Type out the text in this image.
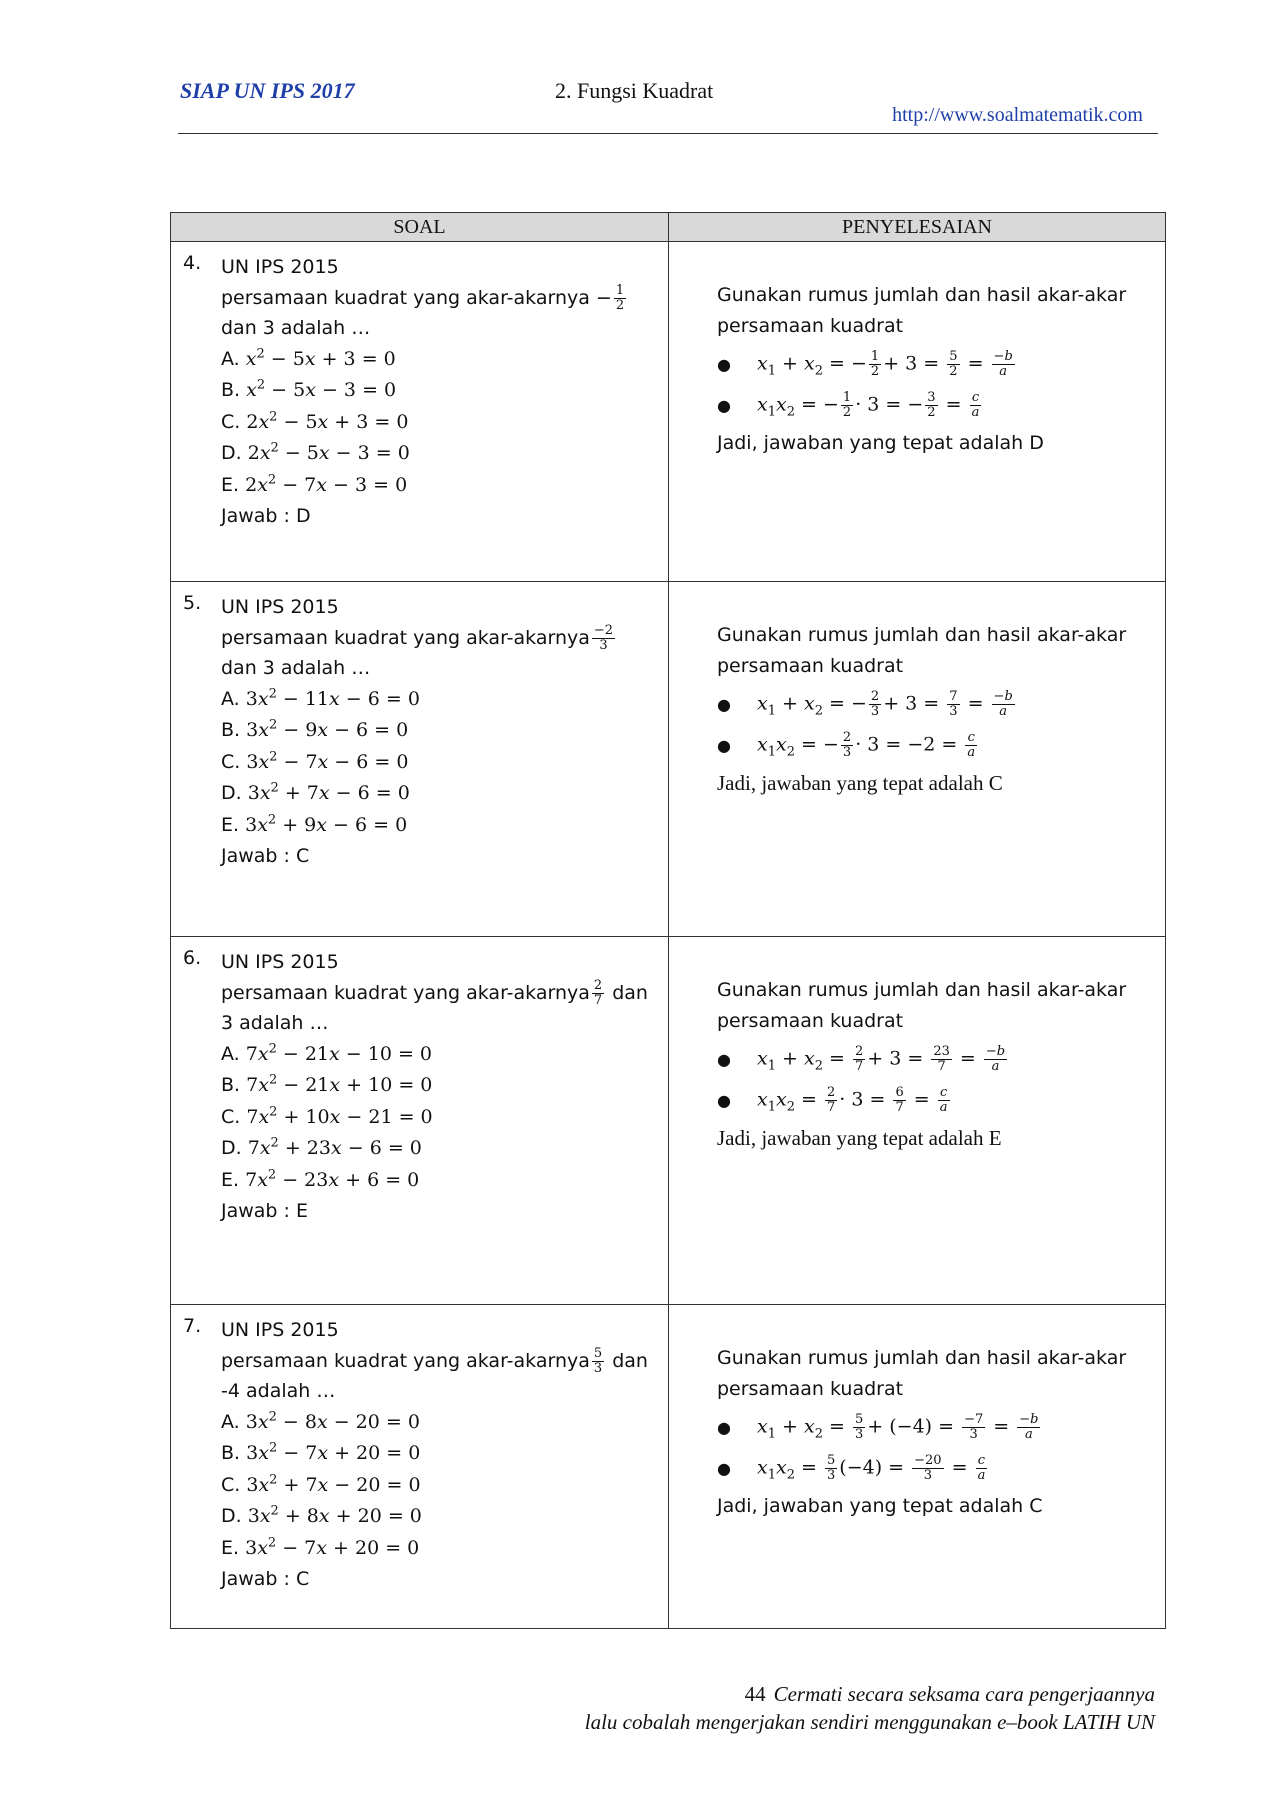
SIAP UN IPS 2017	2. Fungsi Kuadrat
http://www.soalmatematik.com
SOAL	PENYELESAIAN
4. UN IPS 2015
persamaan kuadrat yang akar-akarnya − $\frac{1}{2}$
dan 3 adalah …
A. $x^2 - 5x + 3 = 0$
B. $x^2 - 5x - 3 = 0$
C. $2x^2 - 5x + 3 = 0$
D. $2x^2 - 5x - 3 = 0$
E. $2x^2 - 7x - 3 = 0$
Jawab : D
Gunakan rumus jumlah dan hasil akar-akar
persamaan kuadrat
●	$x_1 + x_2$ = − $\frac{1}{2} + 3 = \frac{5}{2} = \frac{-b}{a}$
●	$x_1x_2$ = − $\frac{1}{2} \cdot 3$ = − $\frac{3}{2} = \frac{c}{a}$
Jadi, jawaban yang tepat adalah D
5. UN IPS 2015
persamaan kuadrat yang akar-akarnya $\frac{-2}{3}$
dan 3 adalah …
A. $3x^2 - 11x - 6 = 0$
B. $3x^2 - 9x - 6 = 0$
C. $3x^2 - 7x - 6 = 0$
D. $3x^2 + 7x - 6 = 0$
E. $3x^2 + 9x - 6 = 0$
Jawab : C
Gunakan rumus jumlah dan hasil akar-akar
persamaan kuadrat
●	$x_1 + x_2$ = − $\frac{2}{3} + 3 = \frac{7}{3} = \frac{-b}{a}$
●	$x_1x_2$ = − $\frac{2}{3} \cdot 3 = -2 = \frac{c}{a}$
Jadi, jawaban yang tepat adalah C
6. UN IPS 2015
persamaan kuadrat yang akar-akarnya $\frac{2}{7}$ dan
3 adalah …
A. $7x^2 - 21x - 10 = 0$
B. $7x^2 - 21x + 10 = 0$
C. $7x^2 + 10x - 21 = 0$
D. $7x^2 + 23x - 6 = 0$
E. $7x^2 - 23x + 6 = 0$
Jawab : E
Gunakan rumus jumlah dan hasil akar-akar
persamaan kuadrat
●	$x_1 + x_2 = \frac{2}{7} + 3 = \frac{23}{7} = \frac{-b}{a}$
●	$x_1x_2 = \frac{2}{7} \cdot 3 = \frac{6}{7} = \frac{c}{a}$
Jadi, jawaban yang tepat adalah E
7. UN IPS 2015
persamaan kuadrat yang akar-akarnya $\frac{5}{3}$ dan
-4 adalah …
A. $3x^2 - 8x - 20 = 0$
B. $3x^2 - 7x + 20 = 0$
C. $3x^2 + 7x - 20 = 0$
D. $3x^2 + 8x + 20 = 0$
E. $3x^2 - 7x + 20 = 0$
Jawab : C
Gunakan rumus jumlah dan hasil akar-akar
persamaan kuadrat
●	$x_1 + x_2 = \frac{5}{3} + (-4) = \frac{-7}{3} = \frac{-b}{a}$
●	$x_1x_2 = \frac{5}{3} (-4) = \frac{-20}{3} = \frac{c}{a}$
Jadi, jawaban yang tepat adalah C
44 Cermati secara seksama cara pengerjaannya
lalu cobalah mengerjakan sendiri menggunakan e–book LATIH UN
